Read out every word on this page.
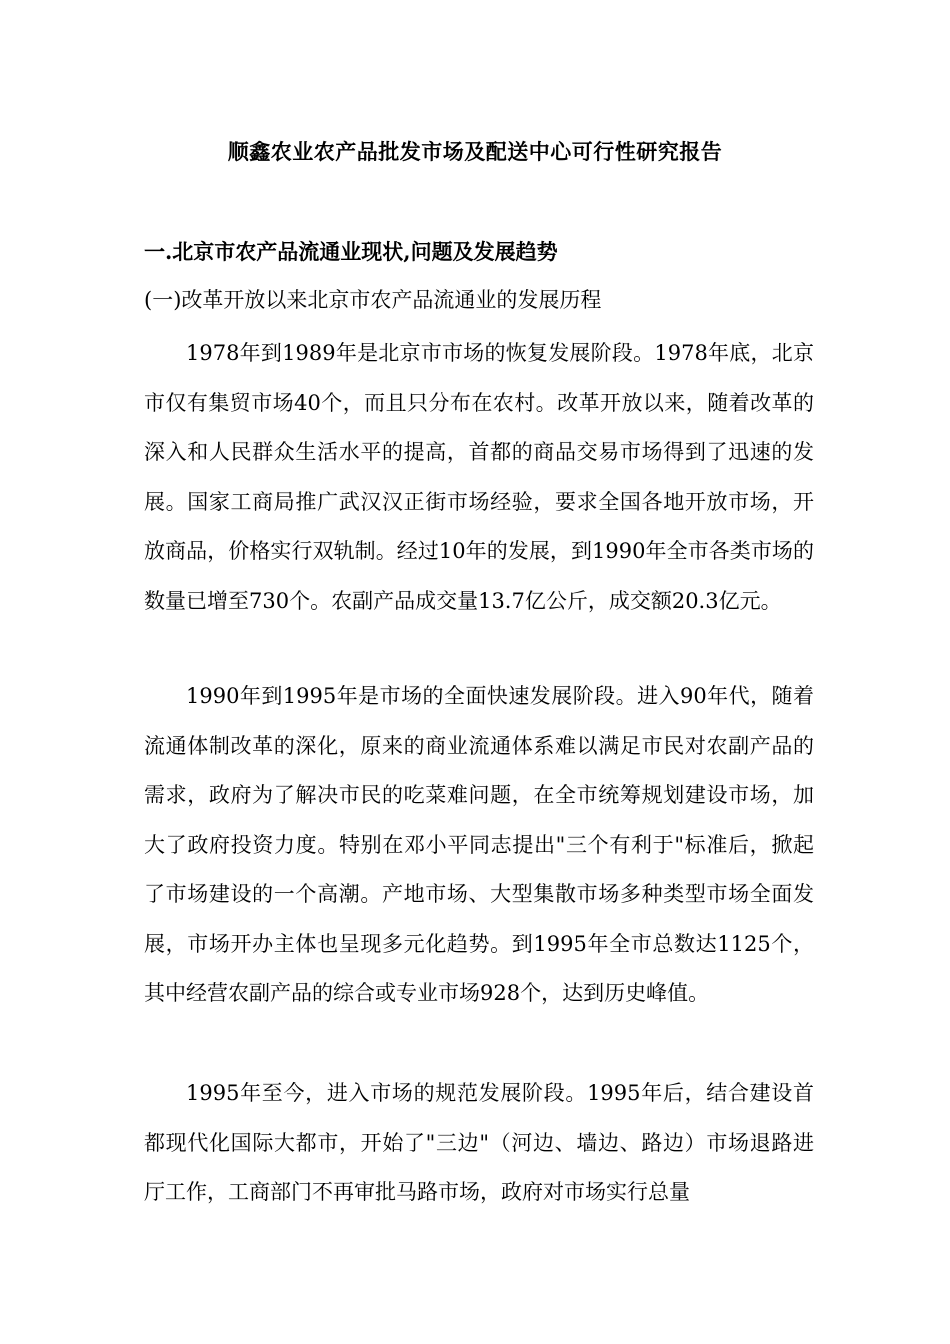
顺鑫农业农产品批发市场及配送中心可行性研究报告
一.北京市农产品流通业现状,问题及发展趋势
(一)改革开放以来北京市农产品流通业的发展历程

1978年到1989年是北京市市场的恢复发展阶段。1978年底，北京市仅有集贸市场40个，而且只分布在农村。改革开放以来，随着改革的深入和人民群众生活水平的提高，首都的商品交易市场得到了迅速的发展。国家工商局推广武汉汉正街市场经验，要求全国各地开放市场，开放商品，价格实行双轨制。经过10年的发展，到1990年全市各类市场的数量已增至730个。农副产品成交量13.7亿公斤，成交额20.3亿元。

1990年到1995年是市场的全面快速发展阶段。进入90年代，随着流通体制改革的深化，原来的商业流通体系难以满足市民对农副产品的需求，政府为了解决市民的吃菜难问题，在全市统筹规划建设市场，加大了政府投资力度。特别在邓小平同志提出"三个有利于"标准后，掀起了市场建设的一个高潮。产地市场、大型集散市场多种类型市场全面发展，市场开办主体也呈现多元化趋势。到1995年全市总数达1125个，其中经营农副产品的综合或专业市场928个，达到历史峰值。

1995年至今，进入市场的规范发展阶段。1995年后，结合建设首都现代化国际大都市，开始了"三边"（河边、墙边、路边）市场退路进厅工作，工商部门不再审批马路市场，政府对市场实行总量
